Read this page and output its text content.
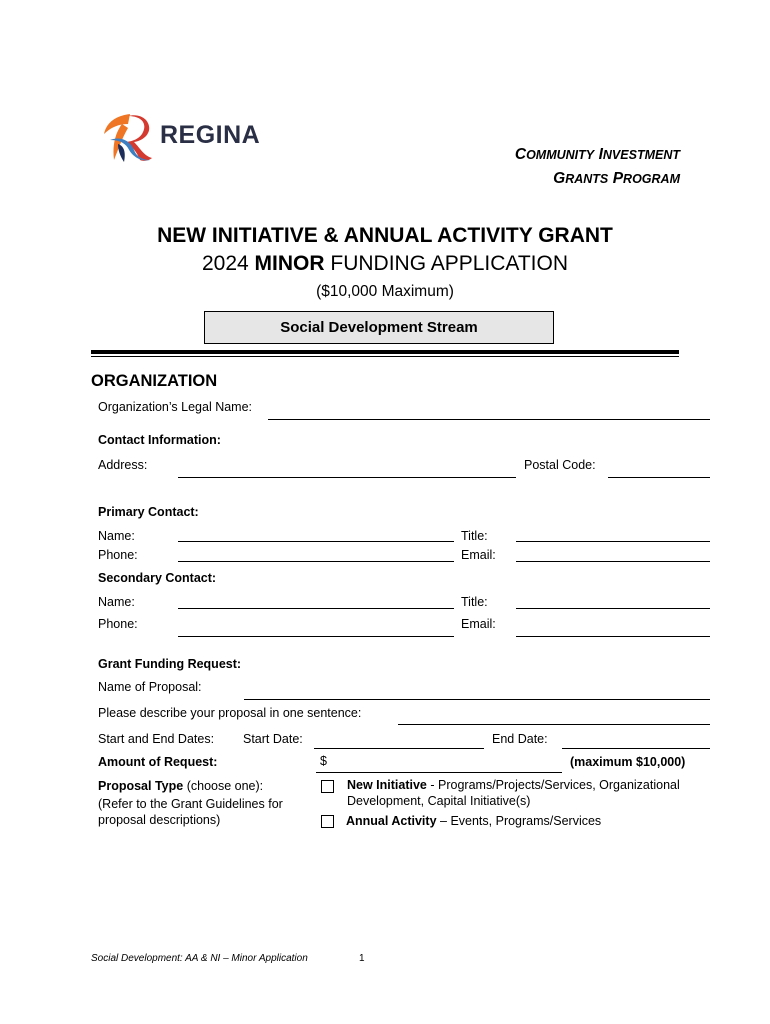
REGINA
COMMUNITY INVESTMENT
GRANTS PROGRAM
NEW INITIATIVE & ANNUAL ACTIVITY GRANT
2024 MINOR FUNDING APPLICATION
($10,000 Maximum)
Social Development Stream
ORGANIZATION
Organization’s Legal Name:
Contact Information:
Address:	Postal Code:
Primary Contact:
Name:	Title:
Phone:	Email:
Secondary Contact:
Name:	Title:
Phone:	Email:
Grant Funding Request:
Name of Proposal:
Please describe your proposal in one sentence:
Start and End Dates: Start Date:	End Date:
Amount of Request:	$	(maximum $10,000)
Proposal Type (choose one):
(Refer to the Grant Guidelines for
proposal descriptions)
New Initiative - Programs/Projects/Services, Organizational
Development, Capital Initiative(s)
Annual Activity – Events, Programs/Services
Social Development: AA & NI – Minor Application	1
